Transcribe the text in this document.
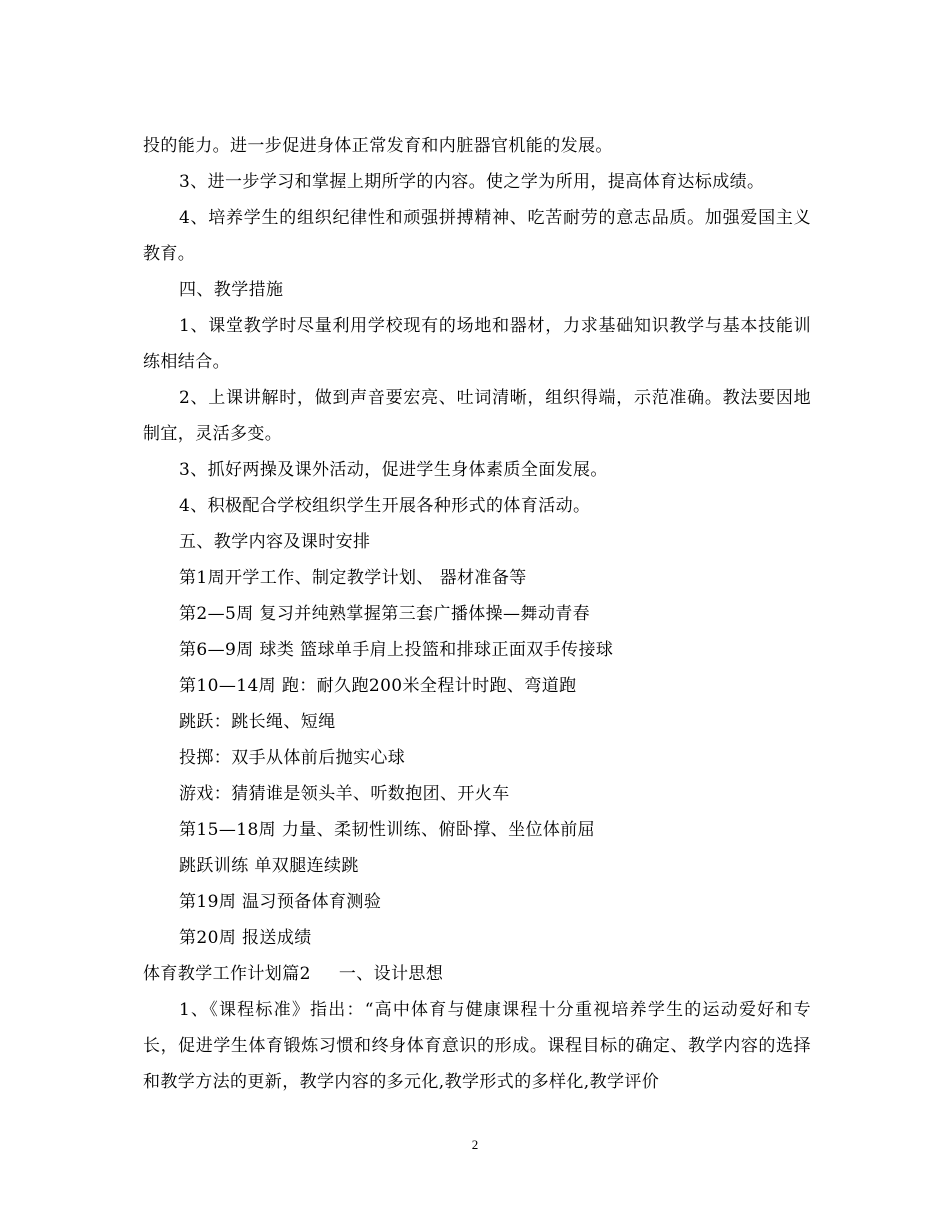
投的能力。进一步促进身体正常发育和内脏器官机能的发展。

3、进一步学习和掌握上期所学的内容。使之学为所用，提高体育达标成绩。

4、培养学生的组织纪律性和顽强拼搏精神、吃苦耐劳的意志品质。加强爱国主义教育。

四、教学措施

1、课堂教学时尽量利用学校现有的场地和器材，力求基础知识教学与基本技能训练相结合。

2、上课讲解时，做到声音要宏亮、吐词清晰，组织得端，示范准确。教法要因地制宜，灵活多变。

3、抓好两操及课外活动，促进学生身体素质全面发展。

4、积极配合学校组织学生开展各种形式的体育活动。

五、教学内容及课时安排

第1周开学工作、制定教学计划、 器材准备等

第2—5周 复习并纯熟掌握第三套广播体操—舞动青春

第6—9周 球类 篮球单手肩上投篮和排球正面双手传接球

第10—14周 跑：耐久跑200米全程计时跑、弯道跑

跳跃：跳长绳、短绳

投掷：双手从体前后抛实心球

游戏：猜猜谁是领头羊、听数抱团、开火车

第15—18周 力量、柔韧性训练、俯卧撑、坐位体前屈

跳跃训练 单双腿连续跳

第19周 温习预备体育测验

第20周 报送成绩

体育教学工作计划篇2 一、设计思想

1、《课程标准》指出：“高中体育与健康课程十分重视培养学生的运动爱好和专长，促进学生体育锻炼习惯和终身体育意识的形成。课程目标的确定、教学内容的选择和教学方法的更新，教学内容的多元化,教学形式的多样化,教学评价

2
